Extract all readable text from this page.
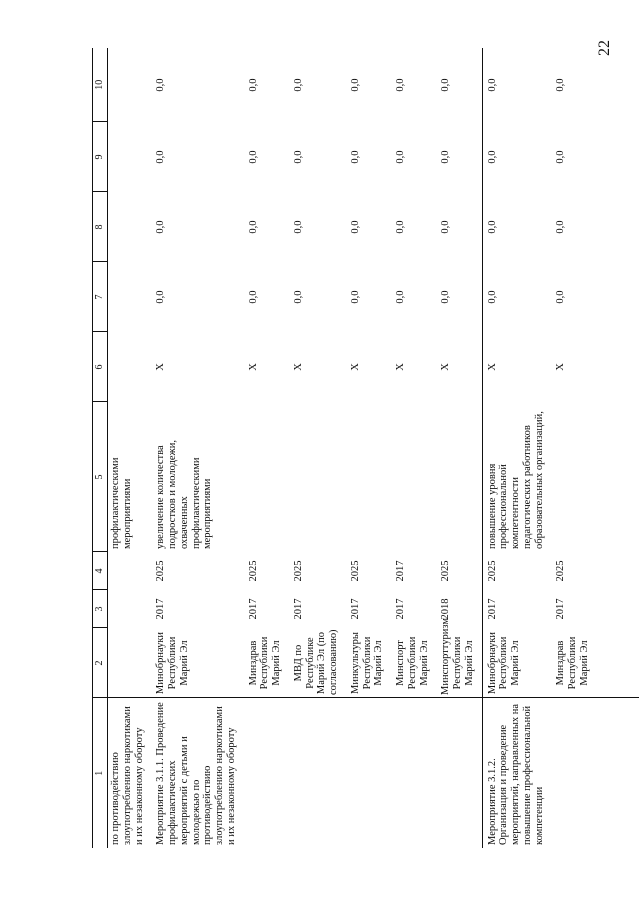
22
1	2	3	4	5	6	7	8	9	10
по противодействию злоупотреблению наркотиками и их незаконному обороту				профилактическими мероприятиями					
Мероприятие 3.1.1. Проведение профилактических мероприятий с детьми и молодежью по противодействию злоупотреблению наркотиками и их незаконному обороту	Минобрнауки Республики Марий Эл	2017	2025	увеличение количества подростков и молодежи, охваченных профилактическими мероприятиями	X	0,0	0,0	0,0	0,0
	Минздрав Республики Марий Эл	2017	2025		X	0,0	0,0	0,0	0,0
	МВД по Республике Марий Эл (по согласованию)	2017	2025		X	0,0	0,0	0,0	0,0
	Минкультуры Республики Марий Эл	2017	2025		X	0,0	0,0	0,0	0,0
	Минспорт Республики Марий Эл	2017	2017		X	0,0	0,0	0,0	0,0
	Минспорттуризм Республики Марий Эл	2018	2025		X	0,0	0,0	0,0	0,0
Мероприятие 3.1.2. Организация и проведение мероприятий, направленных на повышение профессиональной компетенции	Минобрнауки Республики Марий Эл	2017	2025	повышение уровня профессиональной компетентности педагогических работников образовательных организаций,	X	0,0	0,0	0,0	0,0
	Минздрав Республики Марий Эл	2017	2025		X	0,0	0,0	0,0	0,0
